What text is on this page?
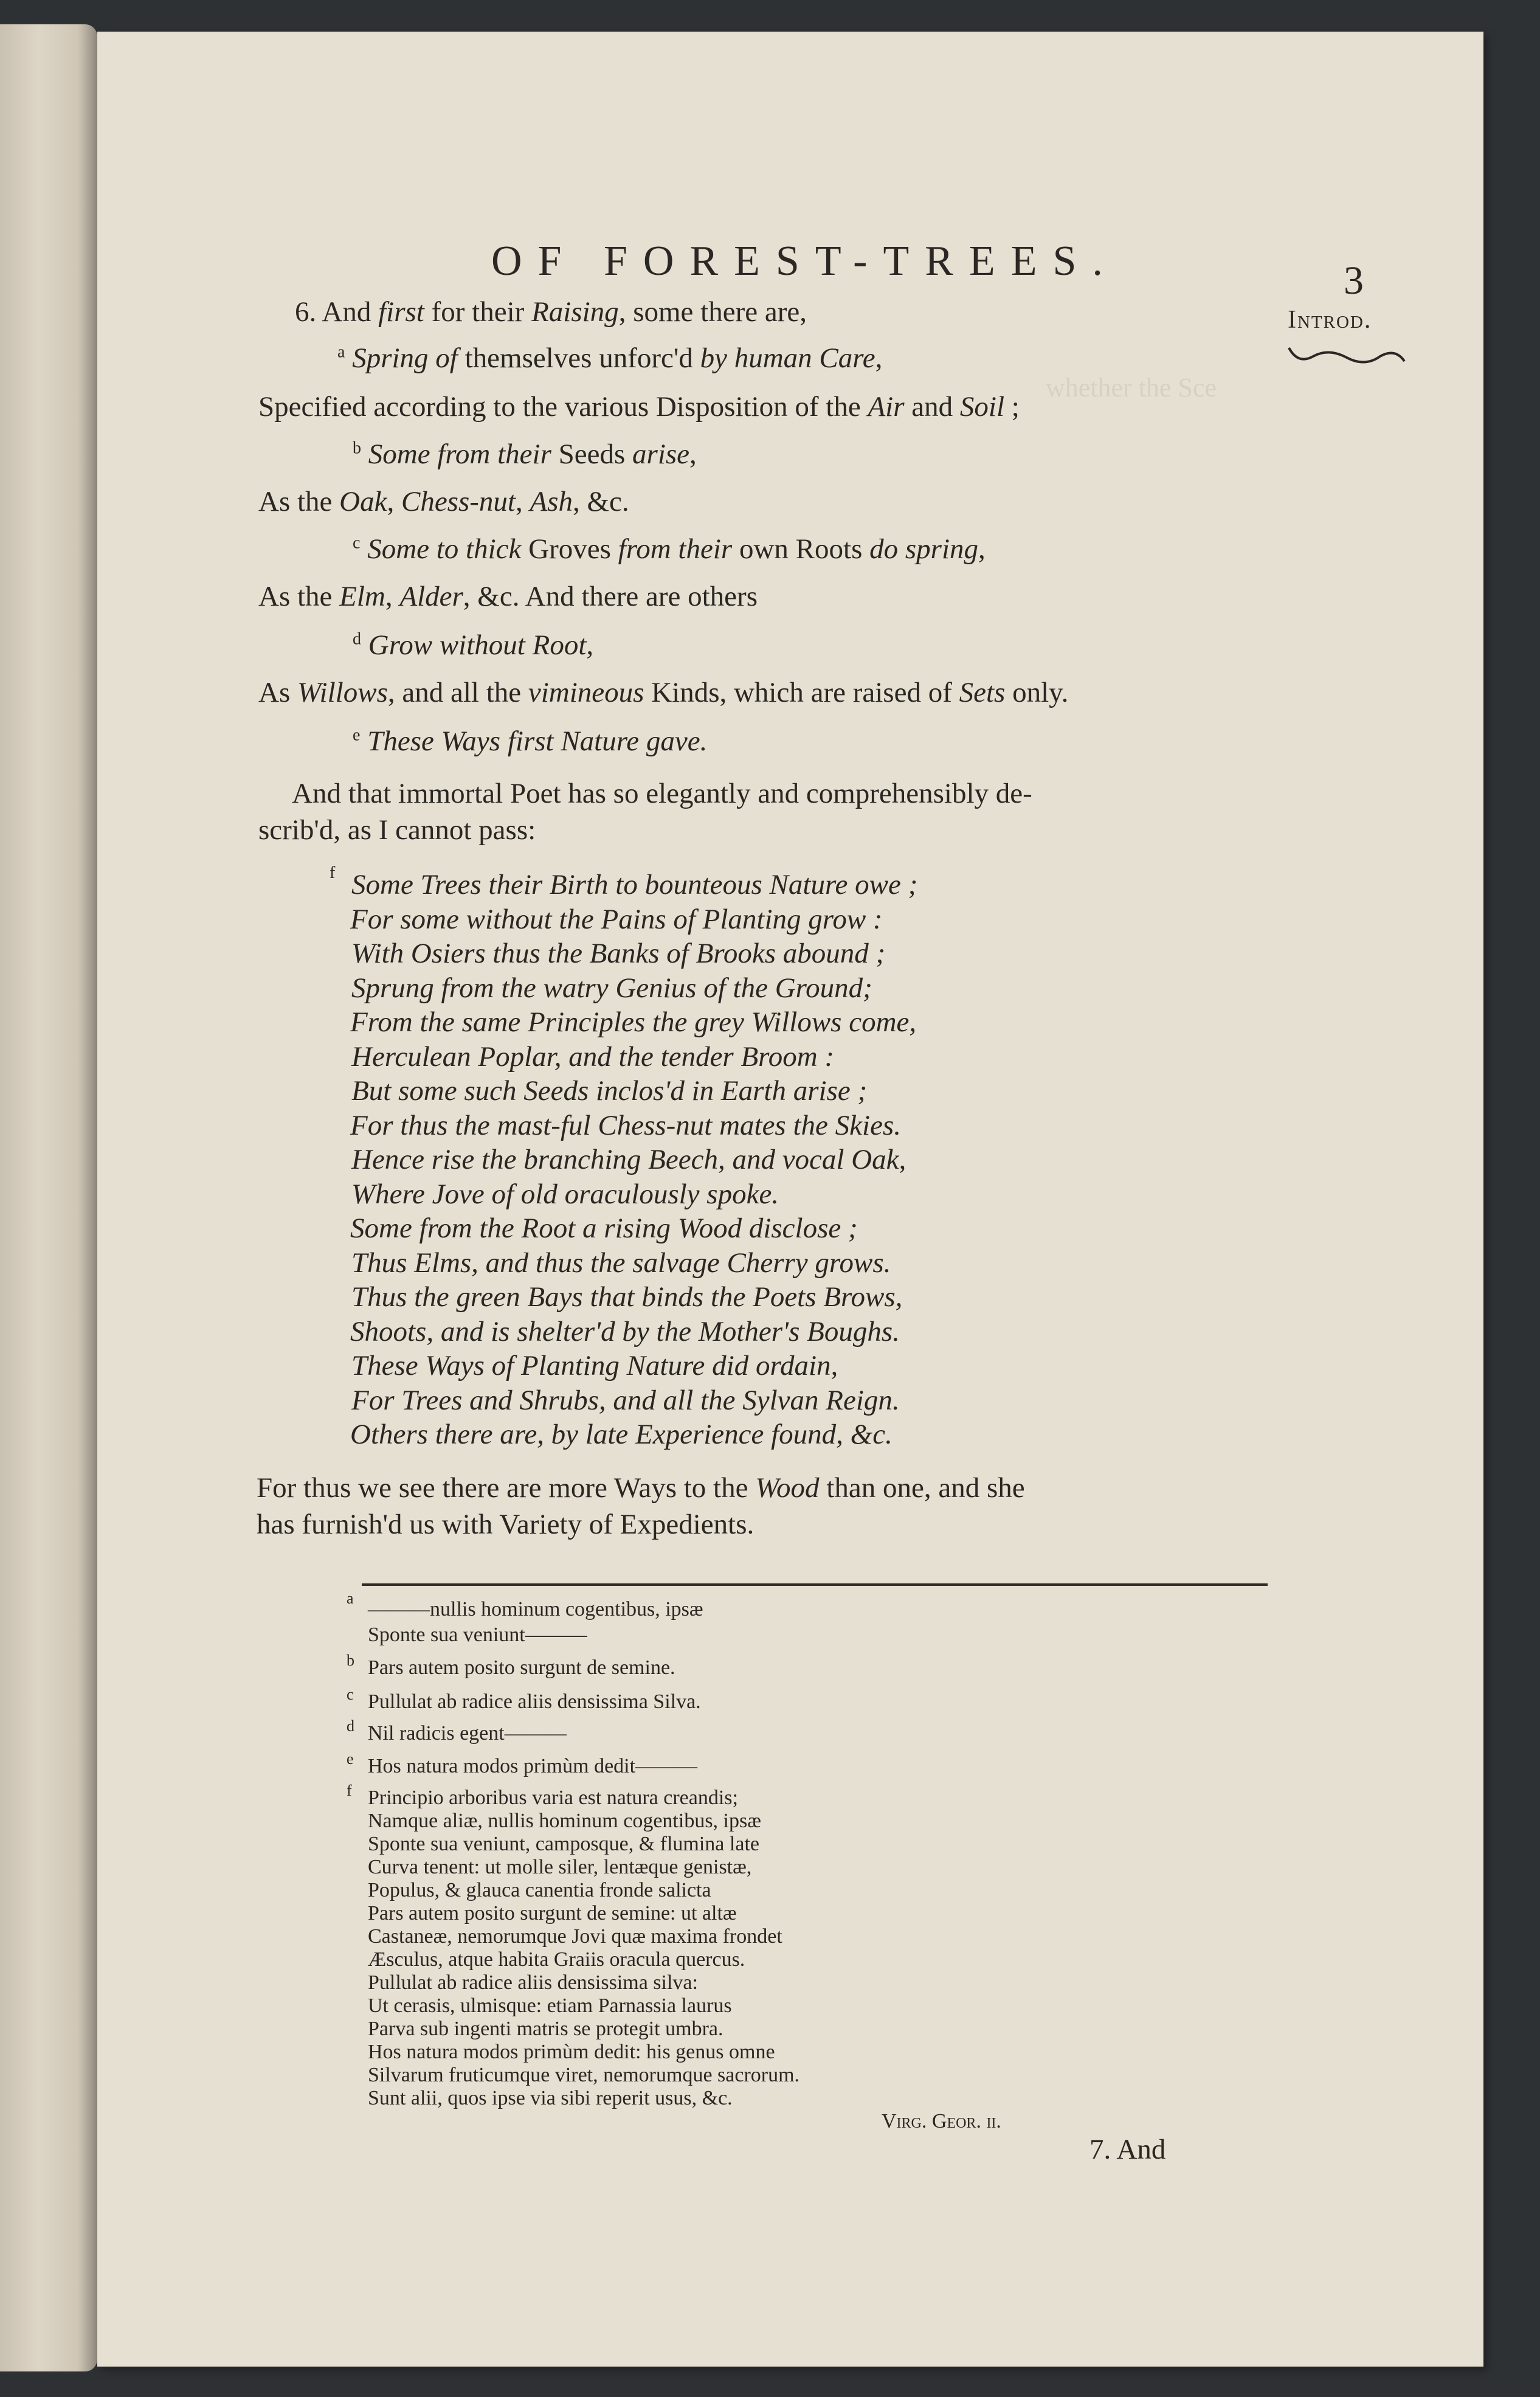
whether the Sce
OF FOREST-TREES.	3
Introd.
6. And first for their Raising, some there are,
$^a$ Spring of themselves unforc'd by human Care,
Specified according to the various Disposition of the Air and Soil ;
$^b$ Some from their Seeds arise,
As the Oak, Chess-nut, Ash, &c.
$^c$ Some to thick Groves from their own Roots do spring,
As the Elm, Alder, &c. And there are others
$^d$ Grow without Root,
As Willows, and all the vimineous Kinds, which are raised of Sets only.
$^e$ These Ways first Nature gave.
And that immortal Poet has so elegantly and comprehensibly de-
scrib'd, as I cannot pass:
f Some Trees their Birth to bounteous Nature owe ;
For some without the Pains of Planting grow :
With Osiers thus the Banks of Brooks abound ;
Sprung from the watry Genius of the Ground;
From the same Principles the grey Willows come,
Herculean Poplar, and the tender Broom :
But some such Seeds inclos'd in Earth arise ;
For thus the mast-ful Chess-nut mates the Skies.
Hence rise the branching Beech, and vocal Oak,
Where Jove of old oraculously spoke.
Some from the Root a rising Wood disclose ;
Thus Elms, and thus the salvage Cherry grows.
Thus the green Bays that binds the Poets Brows,
Shoots, and is shelter'd by the Mother's Boughs.
These Ways of Planting Nature did ordain,
For Trees and Shrubs, and all the Sylvan Reign.
Others there are, by late Experience found, &c.
For thus we see there are more Ways to the Wood than one, and she
has furnish'd us with Variety of Expedients.
a ———nullis hominum cogentibus, ipsæ
Sponte sua veniunt———
b Pars autem posito surgunt de semine.
c Pullulat ab radice aliis densissima Silva.
d Nil radicis egent———
e Hos natura modos primùm dedit———
f Principio arboribus varia est natura creandis;
Namque aliæ, nullis hominum cogentibus, ipsæ
Sponte sua veniunt, camposque, & flumina late
Curva tenent: ut molle siler, lentæque genistæ,
Populus, & glauca canentia fronde salicta
Pars autem posito surgunt de semine: ut altæ
Castaneæ, nemorumque Jovi quæ maxima frondet
Æsculus, atque habita Graiis oracula quercus.
Pullulat ab radice aliis densissima silva:
Ut cerasis, ulmisque: etiam Parnassia laurus
Parva sub ingenti matris se protegit umbra.
Hos natura modos primùm dedit: his genus omne
Silvarum fruticumque viret, nemorumque sacrorum.
Sunt alii, quos ipse via sibi reperit usus, &c.
Virg. Geor. ii.
7. And
